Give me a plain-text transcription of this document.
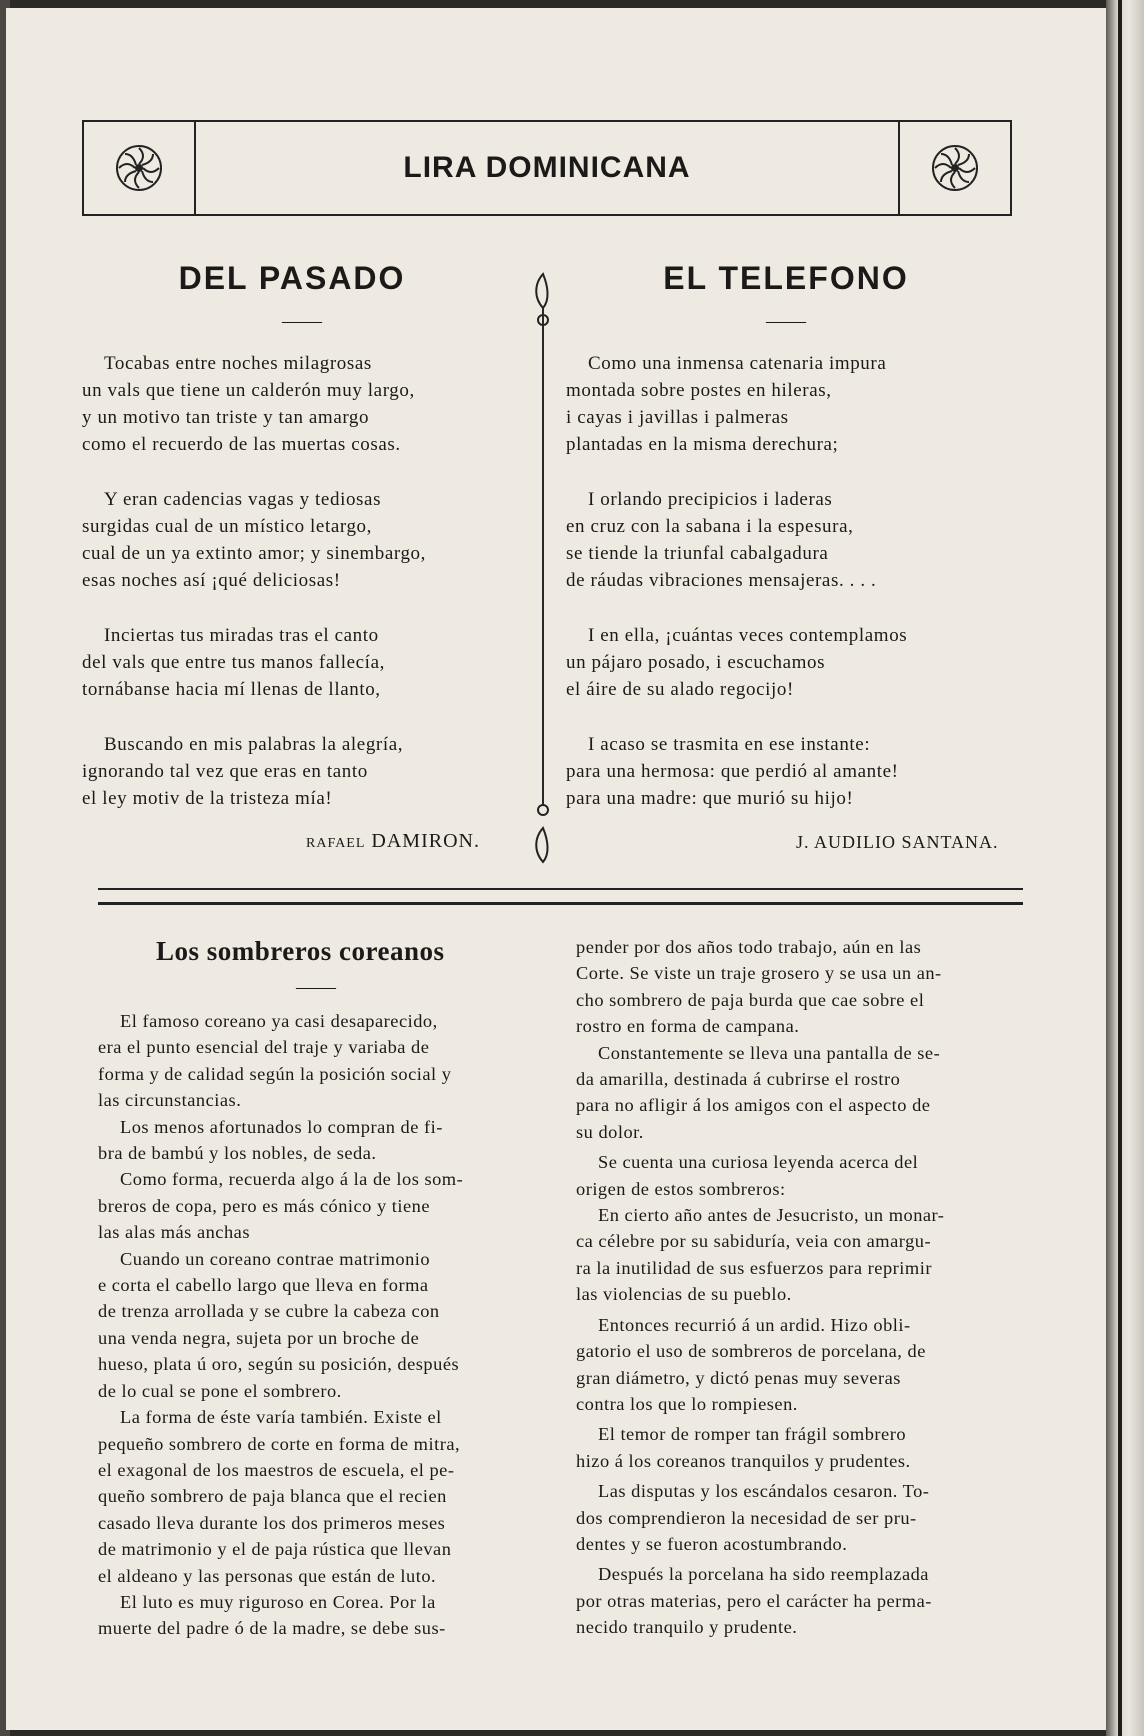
LIRA DOMINICANA
DEL PASADO
——
Tocabas entre noches milagrosas
un vals que tiene un calderón muy largo,
y un motivo tan triste y tan amargo
como el recuerdo de las muertas cosas.
Y eran cadencias vagas y tediosas
surgidas cual de un místico letargo,
cual de un ya extinto amor; y sinembargo,
esas noches así ¡qué deliciosas!
Inciertas tus miradas tras el canto
del vals que entre tus manos fallecía,
tornábanse hacia mí llenas de llanto,
Buscando en mis palabras la alegría,
ignorando tal vez que eras en tanto
el ley motiv de la tristeza mía!
RAFAEL DAMIRON.
EL TELEFONO
——
Como una inmensa catenaria impura
montada sobre postes en hileras,
i cayas i javillas i palmeras
plantadas en la misma derechura;
I orlando precipicios i laderas
en cruz con la sabana i la espesura,
se tiende la triunfal cabalgadura
de ráudas vibraciones mensajeras. . . .
I en ella, ¡cuántas veces contemplamos
un pájaro posado, i escuchamos
el áire de su alado regocijo!
I acaso se trasmita en ese instante:
para una hermosa: que perdió al amante!
para una madre: que murió su hijo!
J. AUDILIO SANTANA.
Los sombreros coreanos
——
El famoso coreano ya casi desaparecido,
era el punto esencial del traje y variaba de
forma y de calidad según la posición social y
las circunstancias.
Los menos afortunados lo compran de fi-
bra de bambú y los nobles, de seda.
Como forma, recuerda algo á la de los som-
breros de copa, pero es más cónico y tiene
las alas más anchas
Cuando un coreano contrae matrimonio
e corta el cabello largo que lleva en forma
de trenza arrollada y se cubre la cabeza con
una venda negra, sujeta por un broche de
hueso, plata ú oro, según su posición, después
de lo cual se pone el sombrero.
La forma de éste varía también. Existe el
pequeño sombrero de corte en forma de mitra,
el exagonal de los maestros de escuela, el pe-
queño sombrero de paja blanca que el recien
casado lleva durante los dos primeros meses
de matrimonio y el de paja rústica que llevan
el aldeano y las personas que están de luto.
El luto es muy riguroso en Corea. Por la
muerte del padre ó de la madre, se debe sus-
pender por dos años todo trabajo, aún en las
Corte. Se viste un traje grosero y se usa un an-
cho sombrero de paja burda que cae sobre el
rostro en forma de campana.
Constantemente se lleva una pantalla de se-
da amarilla, destinada á cubrirse el rostro
para no afligir á los amigos con el aspecto de
su dolor.
Se cuenta una curiosa leyenda acerca del
origen de estos sombreros:
En cierto año antes de Jesucristo, un monar-
ca célebre por su sabiduría, veia con amargu-
ra la inutilidad de sus esfuerzos para reprimir
las violencias de su pueblo.
Entonces recurrió á un ardid. Hizo obli-
gatorio el uso de sombreros de porcelana, de
gran diámetro, y dictó penas muy severas
contra los que lo rompiesen.
El temor de romper tan frágil sombrero
hizo á los coreanos tranquilos y prudentes.
Las disputas y los escándalos cesaron. To-
dos comprendieron la necesidad de ser pru-
dentes y se fueron acostumbrando.
Después la porcelana ha sido reemplazada
por otras materias, pero el carácter ha perma-
necido tranquilo y prudente.
